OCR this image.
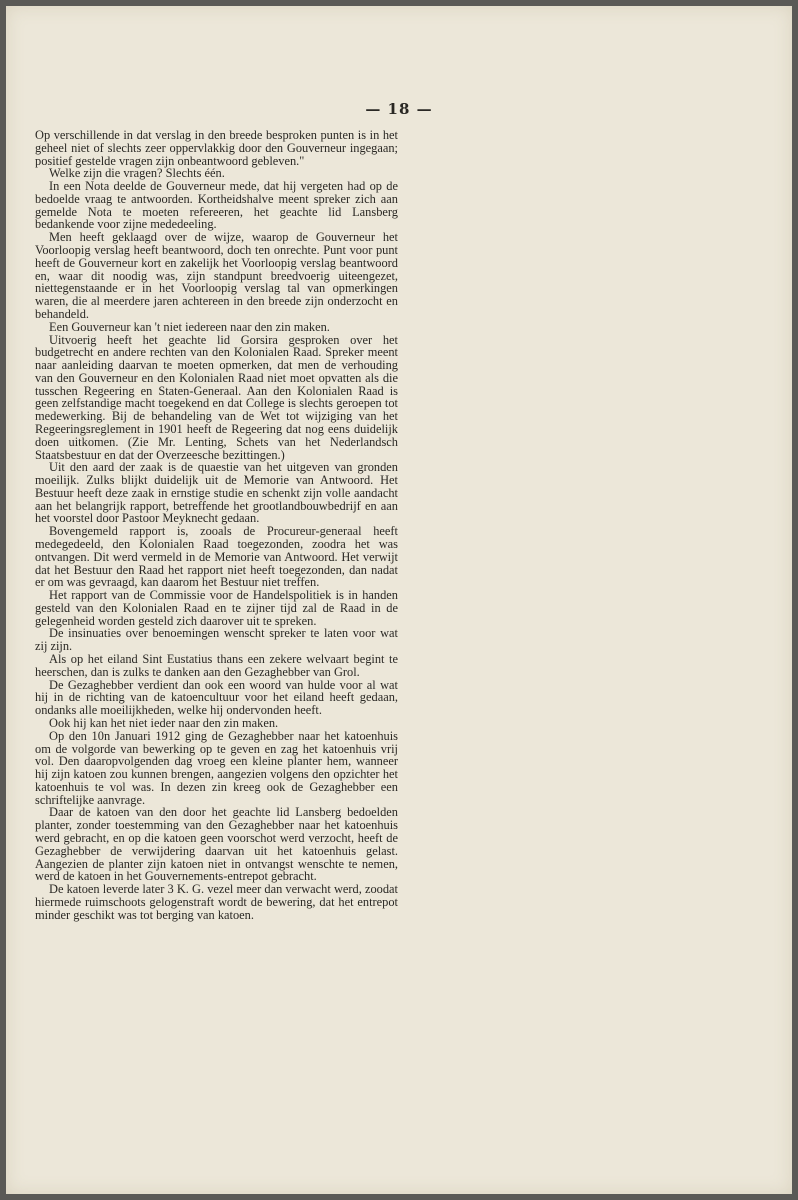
— 18 —

Op verschillende in dat verslag in den breede besproken punten is in het geheel niet of slechts zeer oppervlakkig door den Gouverneur ingegaan; positief gestelde vragen zijn onbeantwoord gebleven."

Welke zijn die vragen? Slechts één.

In een Nota deelde de Gouverneur mede, dat hij vergeten had op de bedoelde vraag te antwoorden. Kortheidshalve meent spreker zich aan gemelde Nota te moeten refereeren, het geachte lid Lansberg bedankende voor zijne mededeeling.

Men heeft geklaagd over de wijze, waarop de Gouverneur het Voorloopig verslag heeft beantwoord, doch ten onrechte. Punt voor punt heeft de Gouverneur kort en zakelijk het Voorloopig verslag beantwoord en, waar dit noodig was, zijn standpunt breedvoerig uiteengezet, niettegenstaande er in het Voorloopig verslag tal van opmerkingen waren, die al meerdere jaren achtereen in den breede zijn onderzocht en behandeld.

Een Gouverneur kan 't niet iedereen naar den zin maken.

Uitvoerig heeft het geachte lid Gorsira gesproken over het budgetrecht en andere rechten van den Kolonialen Raad. Spreker meent naar aanleiding daarvan te moeten opmerken, dat men de verhouding van den Gouverneur en den Kolonialen Raad niet moet opvatten als die tusschen Regeering en Staten-Generaal. Aan den Kolonialen Raad is geen zelfstandige macht toegekend en dat College is slechts geroepen tot medewerking. Bij de behandeling van de Wet tot wijziging van het Regeeringsreglement in 1901 heeft de Regeering dat nog eens duidelijk doen uitkomen. (Zie Mr. Lenting, Schets van het Nederlandsch Staatsbestuur en dat der Overzeesche bezittingen.)

Uit den aard der zaak is de quaestie van het uitgeven van gronden moeilijk. Zulks blijkt duidelijk uit de Memorie van Antwoord. Het Bestuur heeft deze zaak in ernstige studie en schenkt zijn volle aandacht aan het belangrijk rapport, betreffende het grootlandbouwbedrijf en aan het voorstel door Pastoor Meyknecht gedaan.

Bovengemeld rapport is, zooals de Procureur-generaal heeft medegedeeld, den Kolonialen Raad toegezonden, zoodra het was ontvangen. Dit werd vermeld in de Memorie van Antwoord. Het verwijt dat het Bestuur den Raad het rapport niet heeft toegezonden, dan nadat er om was gevraagd, kan daarom het Bestuur niet treffen.

Het rapport van de Commissie voor de Handelspolitiek is in handen gesteld van den Kolonialen Raad en te zijner tijd zal de Raad in de gelegenheid worden gesteld zich daarover uit te spreken.

De insinuaties over benoemingen wenscht spreker te laten voor wat zij zijn.

Als op het eiland Sint Eustatius thans een zekere welvaart begint te heerschen, dan is zulks te danken aan den Gezaghebber van Grol.

De Gezaghebber verdient dan ook een woord van hulde voor al wat hij in de richting van de katoencultuur voor het eiland heeft gedaan, ondanks alle moeilijkheden, welke hij ondervonden heeft.

Ook hij kan het niet ieder naar den zin maken.

Op den 10n Januari 1912 ging de Gezaghebber naar het katoenhuis om de volgorde van bewerking op te geven en zag het katoenhuis vrij vol. Den daaropvolgenden dag vroeg een kleine planter hem, wanneer hij zijn katoen zou kunnen brengen, aangezien volgens den opzichter het katoenhuis te vol was. In dezen zin kreeg ook de Gezaghebber een schriftelijke aanvrage.

Daar de katoen van den door het geachte lid Lansberg bedoelden planter, zonder toestemming van den Gezaghebber naar het katoenhuis werd gebracht, en op die katoen geen voorschot werd verzocht, heeft de Gezaghebber de verwijdering daarvan uit het katoenhuis gelast. Aangezien de planter zijn katoen niet in ontvangst wenschte te nemen, werd de katoen in het Gouvernements-entrepot gebracht.

De katoen leverde later 3 K. G. vezel meer dan verwacht werd, zoodat hiermede ruimschoots gelogenstraft wordt de bewering, dat het entrepot minder geschikt was tot berging van katoen.
